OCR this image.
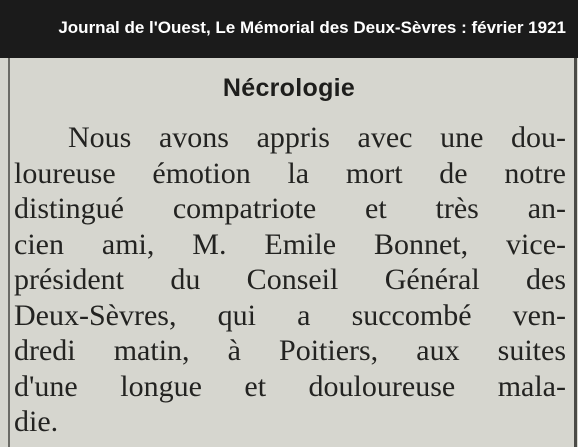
Journal de l'Ouest, Le Mémorial des Deux-Sèvres : février 1921
Nécrologie
Nous avons appris avec une dou-
loureuse émotion la mort de notre
distingué compatriote et très an-
cien ami, M. Emile Bonnet, vice-
président du Conseil Général des
Deux-Sèvres, qui a succombé ven-
dredi matin, à Poitiers, aux suites
d'une longue et douloureuse mala-
die.
